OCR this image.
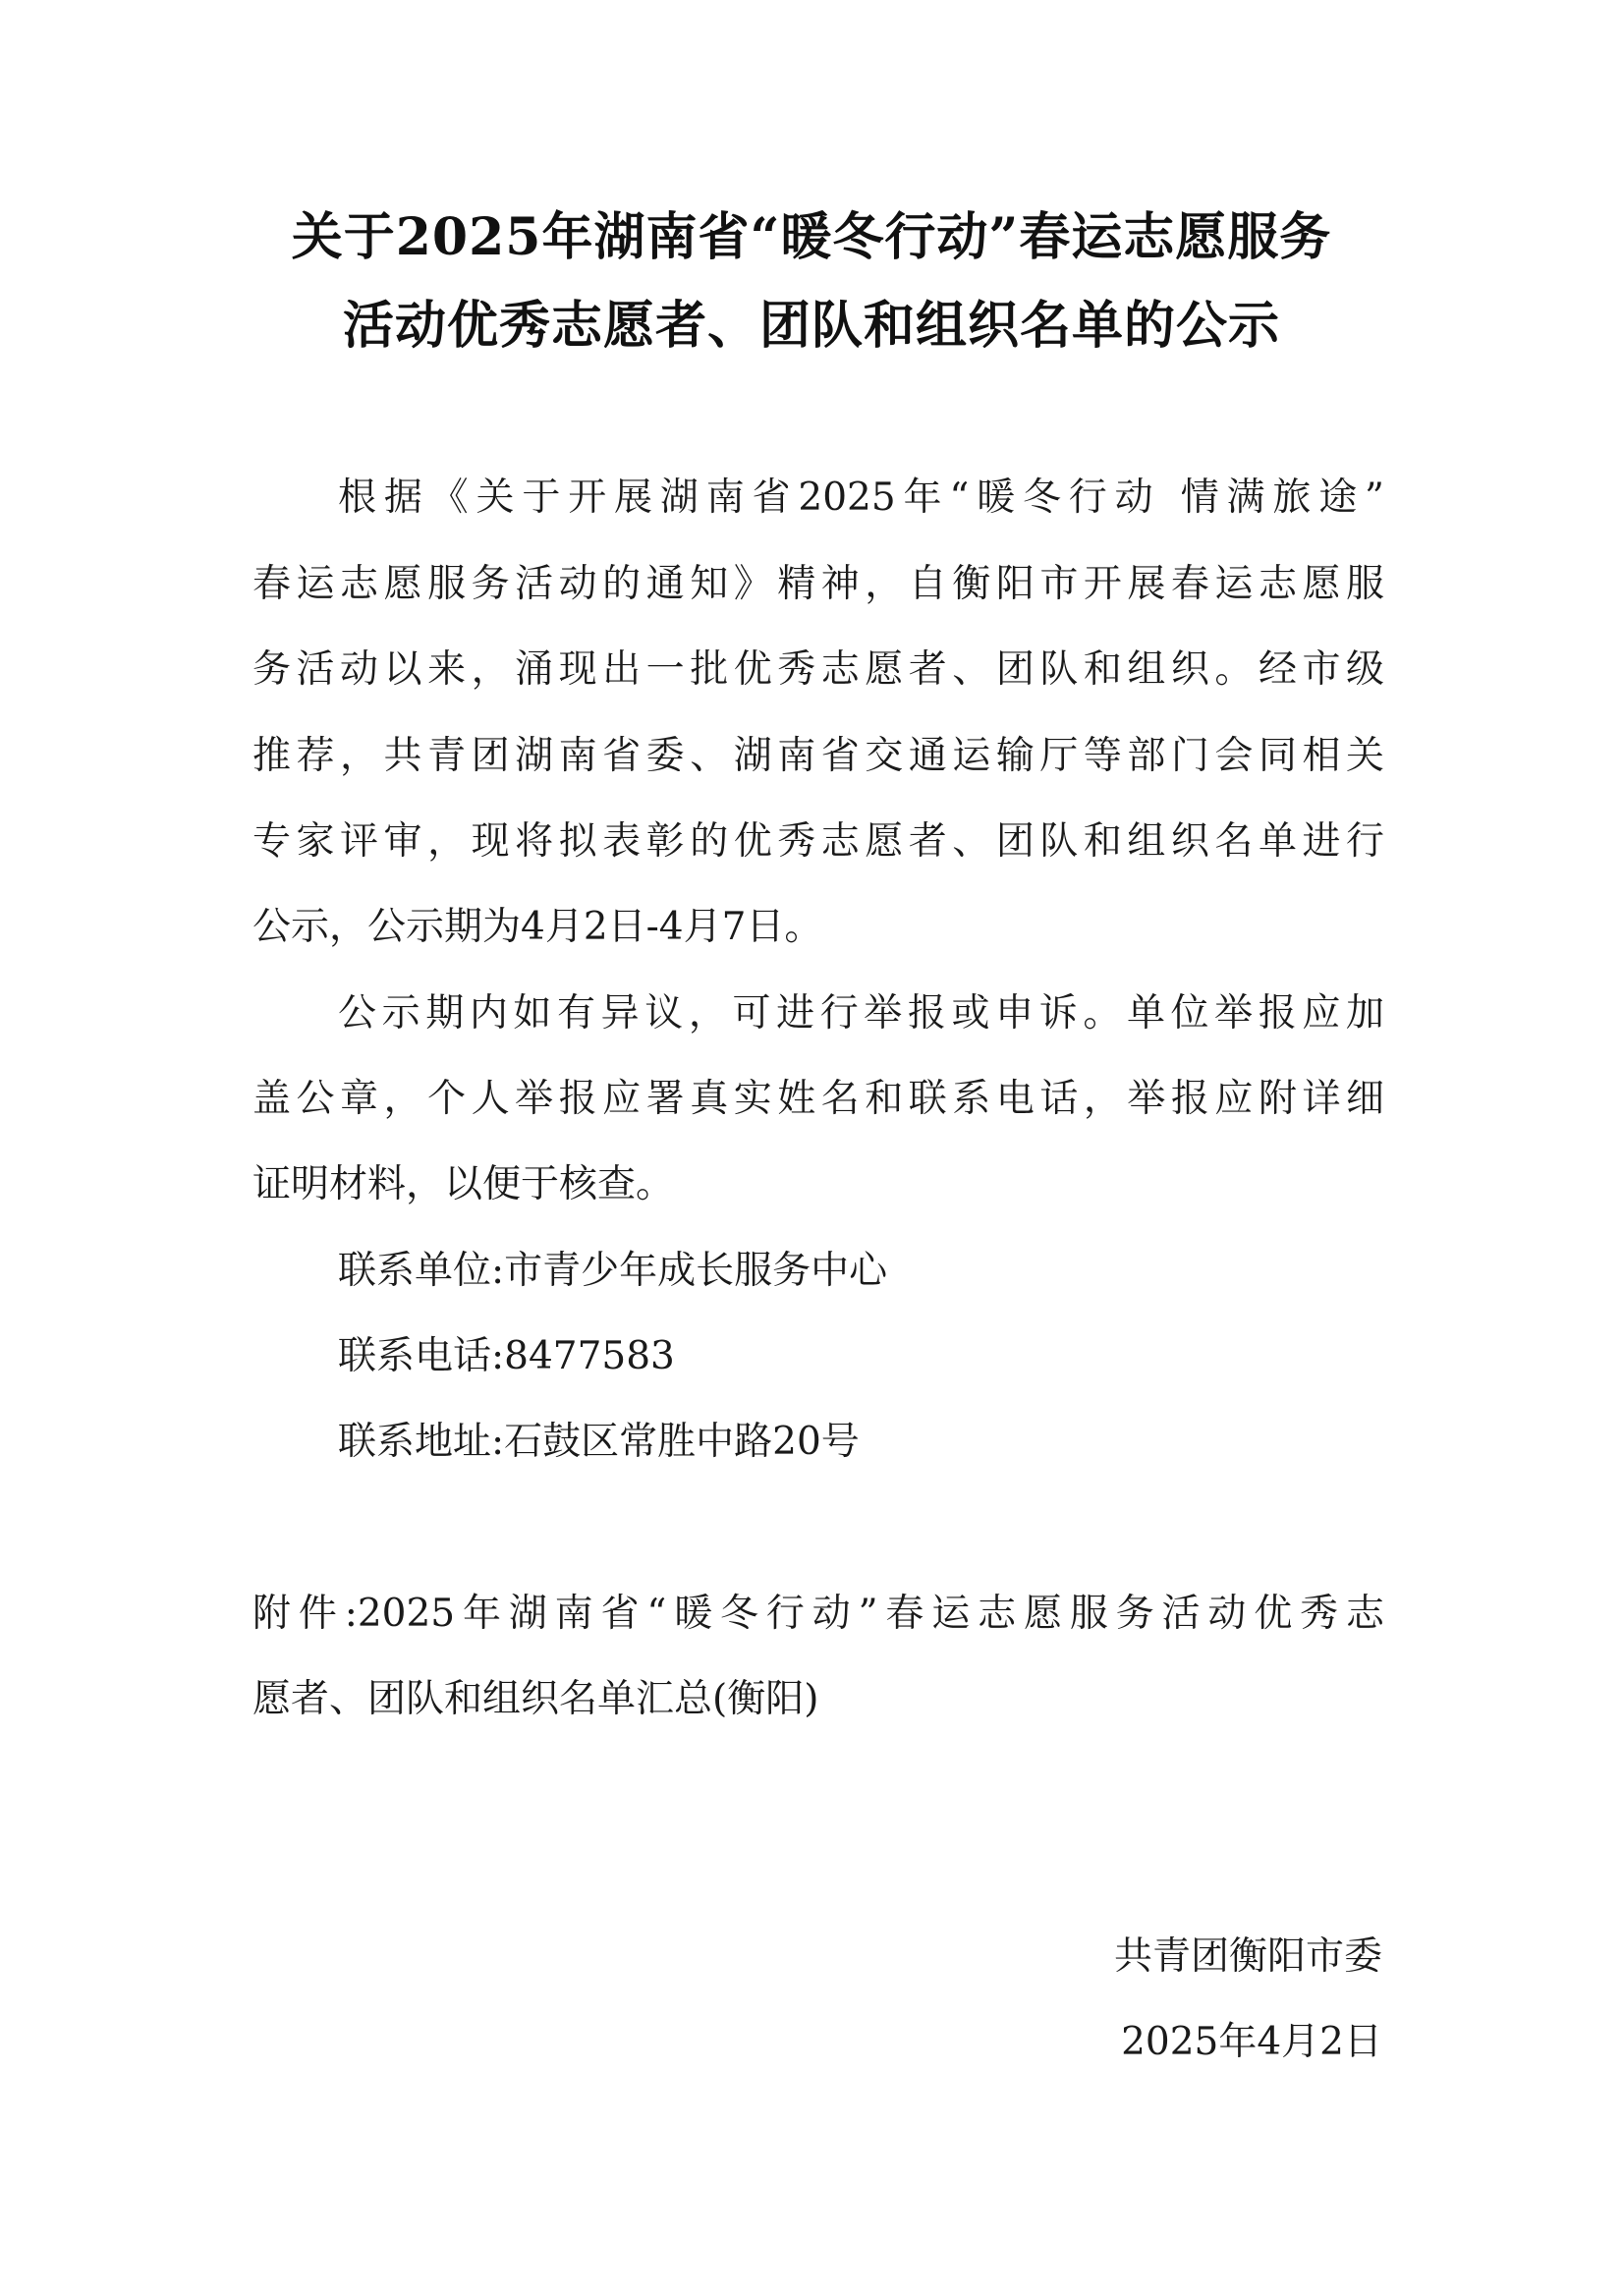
关于2025年湖南省“暖冬行动”春运志愿服务
活动优秀志愿者、团队和组织名单的公示
根据《关于开展湖南省2025年“暖冬行动 情满旅途”
春运志愿服务活动的通知》精神，自衡阳市开展春运志愿服
务活动以来，涌现出一批优秀志愿者、团队和组织。经市级
推荐，共青团湖南省委、湖南省交通运输厅等部门会同相关
专家评审，现将拟表彰的优秀志愿者、团队和组织名单进行
公示，公示期为4月2日-4月7日。
公示期内如有异议，可进行举报或申诉。单位举报应加
盖公章，个人举报应署真实姓名和联系电话，举报应附详细
证明材料，以便于核查。
联系单位:市青少年成长服务中心
联系电话:8477583
联系地址:石鼓区常胜中路20号
附件:2025年湖南省“暖冬行动”春运志愿服务活动优秀志
愿者、团队和组织名单汇总(衡阳)
共青团衡阳市委
2025年4月2日
